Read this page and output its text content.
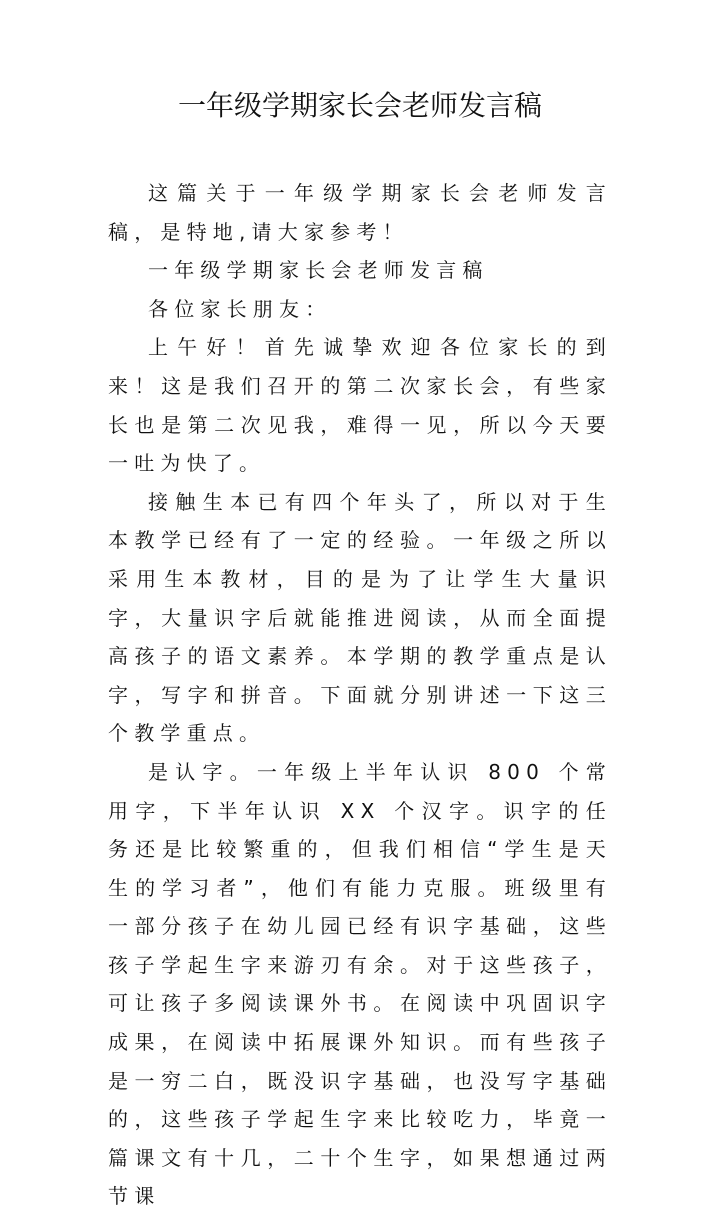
一年级学期家长会老师发言稿

这篇关于一年级学期家长会老师发言稿，是特地,请大家参考！

一年级学期家长会老师发言稿

各位家长朋友：

上午好！首先诚挚欢迎各位家长的到来！这是我们召开的第二次家长会，有些家长也是第二次见我，难得一见，所以今天要一吐为快了。

接触生本已有四个年头了，所以对于生本教学已经有了一定的经验。一年级之所以采用生本教材，目的是为了让学生大量识字，大量识字后就能推进阅读，从而全面提高孩子的语文素养。本学期的教学重点是认字，写字和拼音。下面就分别讲述一下这三个教学重点。

是认字。一年级上半年认识 800 个常用字，下半年认识 XX 个汉字。识字的任务还是比较繁重的，但我们相信“学生是天生的学习者”，他们有能力克服。班级里有一部分孩子在幼儿园已经有识字基础，这些孩子学起生字来游刃有余。对于这些孩子，可让孩子多阅读课外书。在阅读中巩固识字成果，在阅读中拓展课外知识。而有些孩子是一穷二白，既没识字基础，也没写字基础的，这些孩子学起生字来比较吃力，毕竟一篇课文有十几，二十个生字，如果想通过两节课
